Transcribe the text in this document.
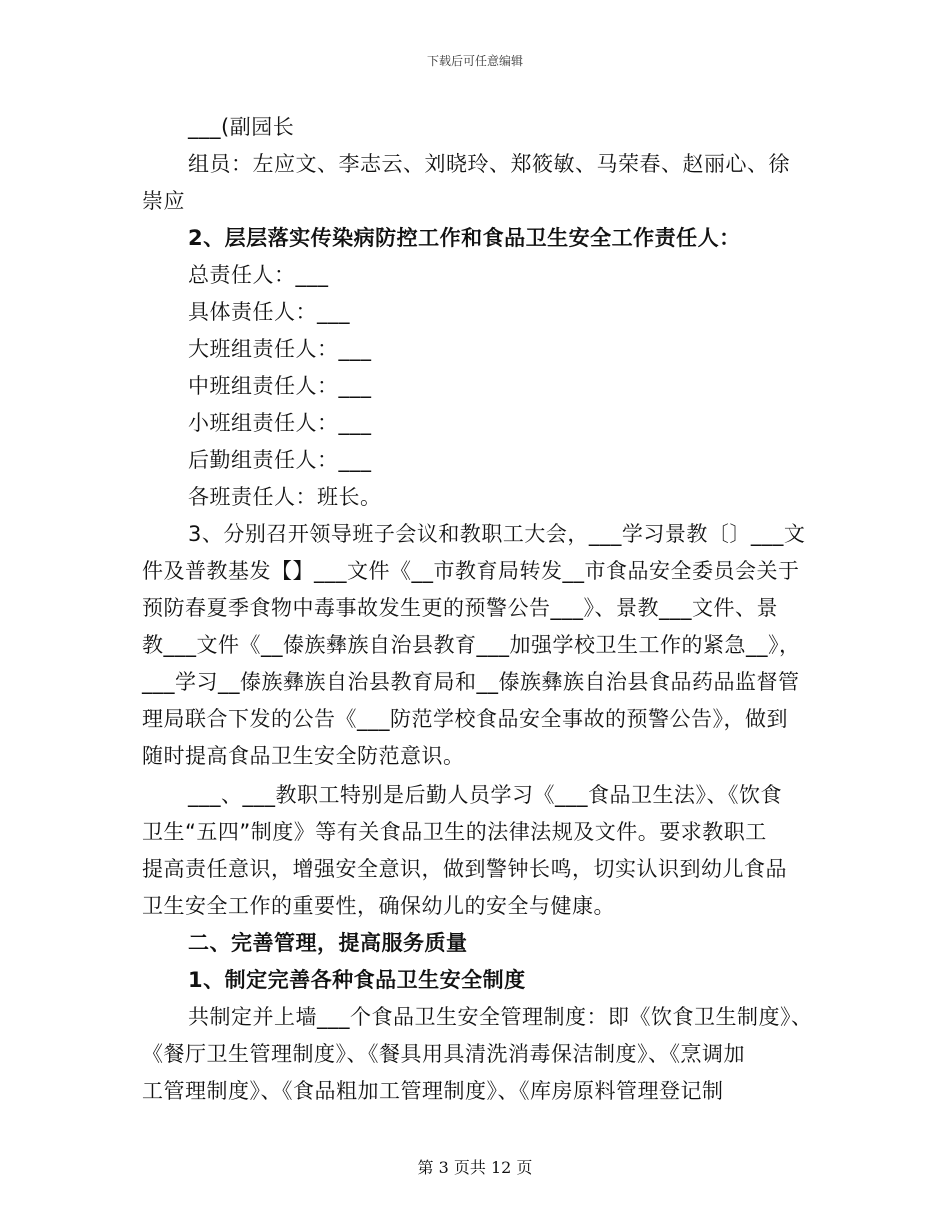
下载后可任意编辑
___(副园长
组员：左应文、李志云、刘晓玲、郑筱敏、马荣春、赵丽心、徐
崇应
2、层层落实传染病防控工作和食品卫生安全工作责任人：
总责任人：___
具体责任人：___
大班组责任人：___
中班组责任人：___
小班组责任人：___
后勤组责任人：___
各班责任人：班长。
3、分别召开领导班子会议和教职工大会，___学习景教〔〕___文
件及普教基发【】___文件《__市教育局转发__市食品安全委员会关于
预防春夏季食物中毒事故发生更的预警公告___》、景教___文件、景
教___文件《__傣族彝族自治县教育___加强学校卫生工作的紧急__》，
___学习__傣族彝族自治县教育局和__傣族彝族自治县食品药品监督管
理局联合下发的公告《___防范学校食品安全事故的预警公告》，做到
随时提高食品卫生安全防范意识。
___、___教职工特别是后勤人员学习《___食品卫生法》、《饮食
卫生“五四”制度》等有关食品卫生的法律法规及文件。要求教职工
提高责任意识，增强安全意识，做到警钟长鸣，切实认识到幼儿食品
卫生安全工作的重要性，确保幼儿的安全与健康。
二、完善管理，提高服务质量
1、制定完善各种食品卫生安全制度
共制定并上墙___个食品卫生安全管理制度：即《饮食卫生制度》、
《餐厅卫生管理制度》、《餐具用具清洗消毒保洁制度》、《烹调加
工管理制度》、《食品粗加工管理制度》、《库房原料管理登记制
第 3 页共 12 页
